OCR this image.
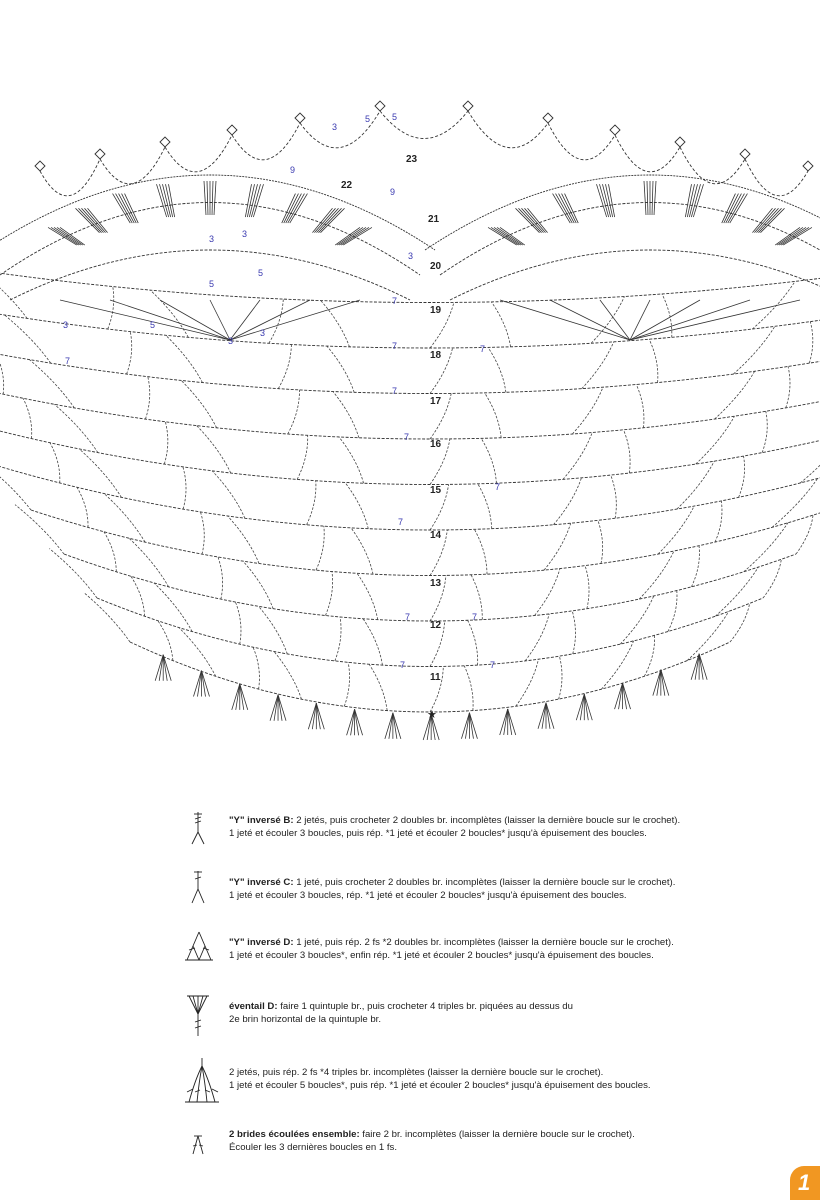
11
12
13
14
15
16
17
18
19
20
21
22
23
★
7
7
7
7
7
7
7
7
7
7
7
7
3
3	3
3
3
3
3
5
5
5
5 5
9
9
"Y" inversé B: 2 jetés, puis crocheter 2 doubles br. incomplètes (laisser la dernière boucle sur le crochet).
1 jeté et écouler 3 boucles, puis rép. *1 jeté et écouler 2 boucles* jusqu'à épuisement des boucles.
"Y" inversé C: 1 jeté, puis crocheter 2 doubles br. incomplètes (laisser la dernière boucle sur le crochet).
1 jeté et écouler 3 boucles, rép. *1 jeté et écouler 2 boucles* jusqu'à épuisement des boucles.
"Y" inversé D: 1 jeté, puis rép. 2 fs *2 doubles br. incomplètes (laisser la dernière boucle sur le crochet).
1 jeté et écouler 3 boucles*, enfin rép. *1 jeté et écouler 2 boucles* jusqu'à épuisement des boucles.
éventail D: faire 1 quintuple br., puis crocheter 4 triples br. piquées au dessus du
2e brin horizontal de la quintuple br.
2 jetés, puis rép. 2 fs *4 triples br. incomplètes (laisser la dernière boucle sur le crochet).
1 jeté et écouler 5 boucles*, puis rép. *1 jeté et écouler 2 boucles* jusqu'à épuisement des boucles.
2 brides écoulées ensemble: faire 2 br. incomplètes (laisser la dernière boucle sur le crochet).
Écouler les 3 dernières boucles en 1 fs.
1
